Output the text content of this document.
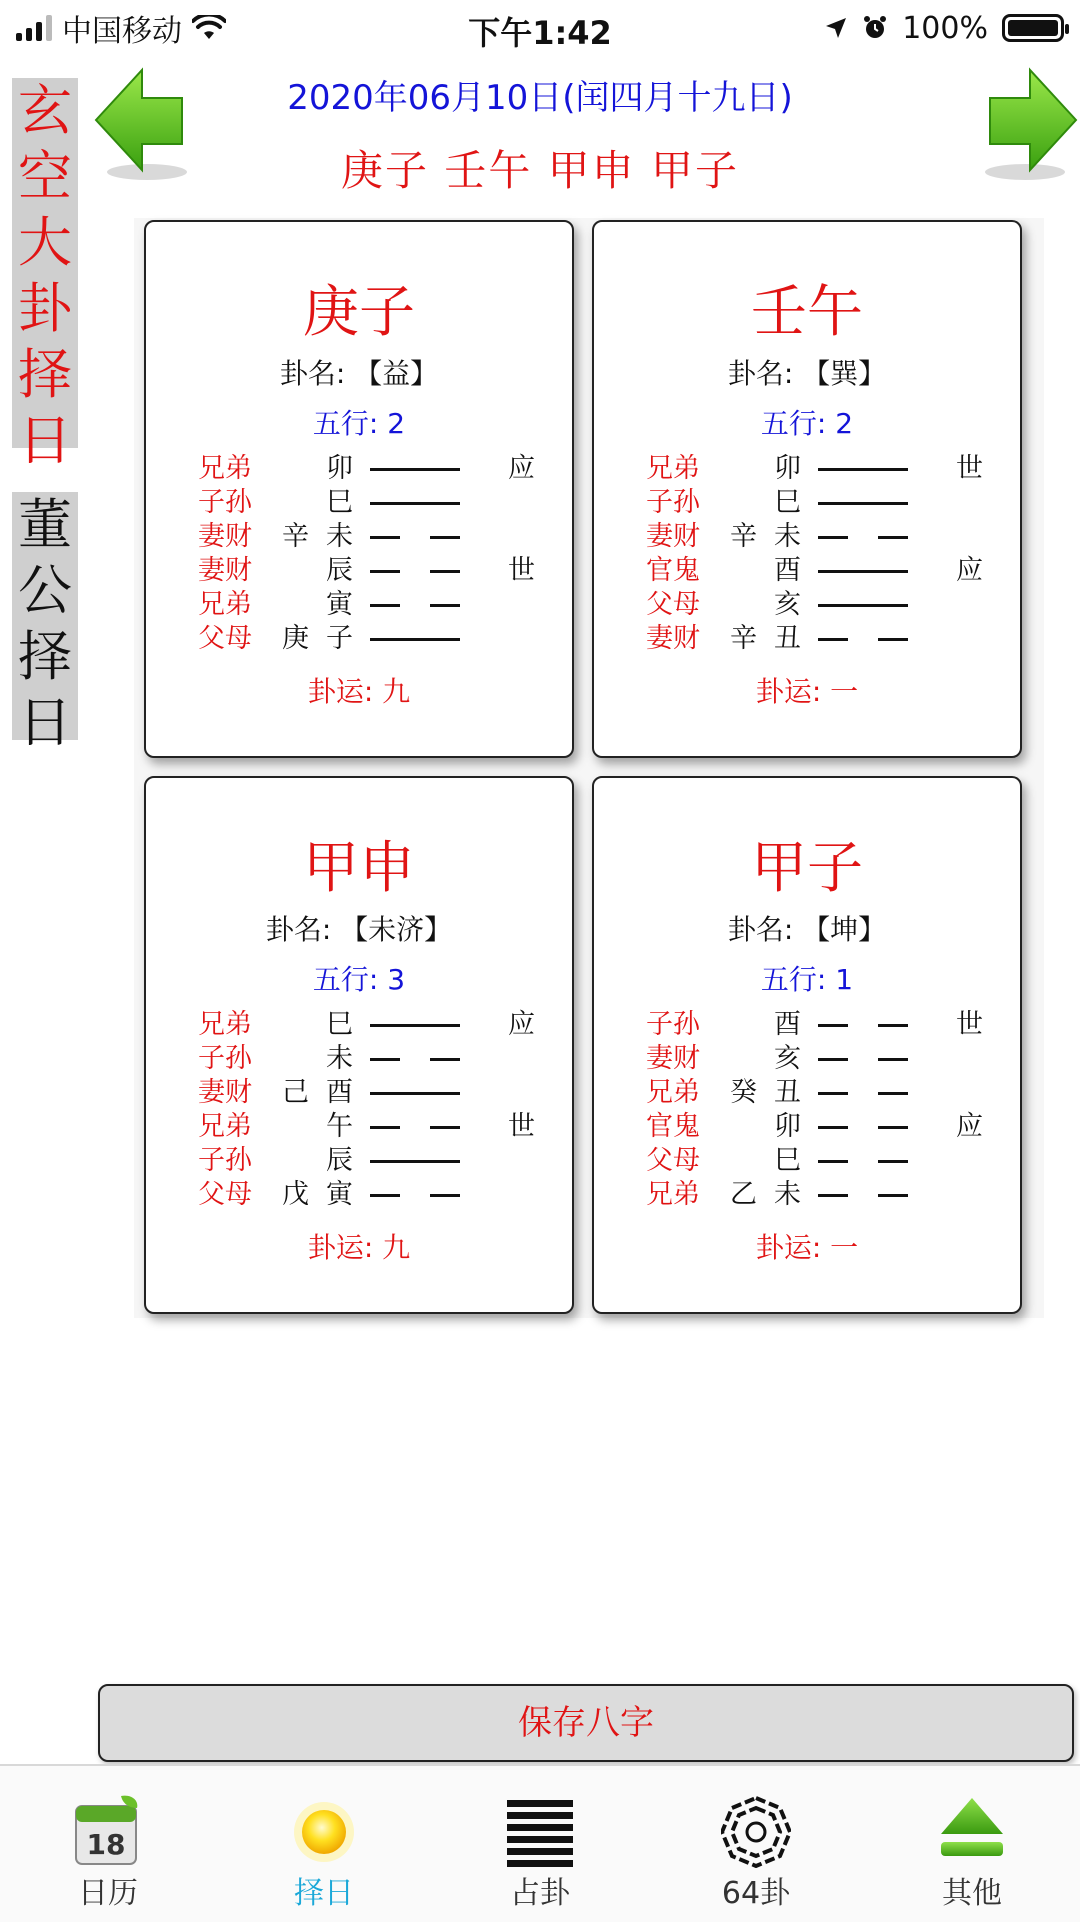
中国移动	下午1:42	100%
2020年06月10日(闰四月十九日)
庚子 壬午 甲申 甲子
玄
空
大
卦
择
日
董
公
择
日
庚子
卦名: 【益】
五行: 2
兄弟	卯	应
子孙	巳
妻财 辛 未
妻财	辰	世
兄弟	寅
父母 庚 子
卦运: 九
壬午
卦名: 【巽】
五行: 2
兄弟	卯	世
子孙	巳
妻财 辛 未
官鬼	酉	应
父母	亥
妻财 辛 丑
卦运: 一
甲申
卦名: 【未济】
五行: 3
兄弟	巳	应
子孙	未
妻财 己 酉
兄弟	午	世
子孙	辰
父母 戊 寅
卦运: 九
甲子
卦名: 【坤】
五行: 1
子孙	酉	世
妻财	亥
兄弟 癸 丑
官鬼	卯	应
父母	巳
兄弟 乙 未
卦运: 一
保存八字
18
日历	择日	占卦	64卦	其他
